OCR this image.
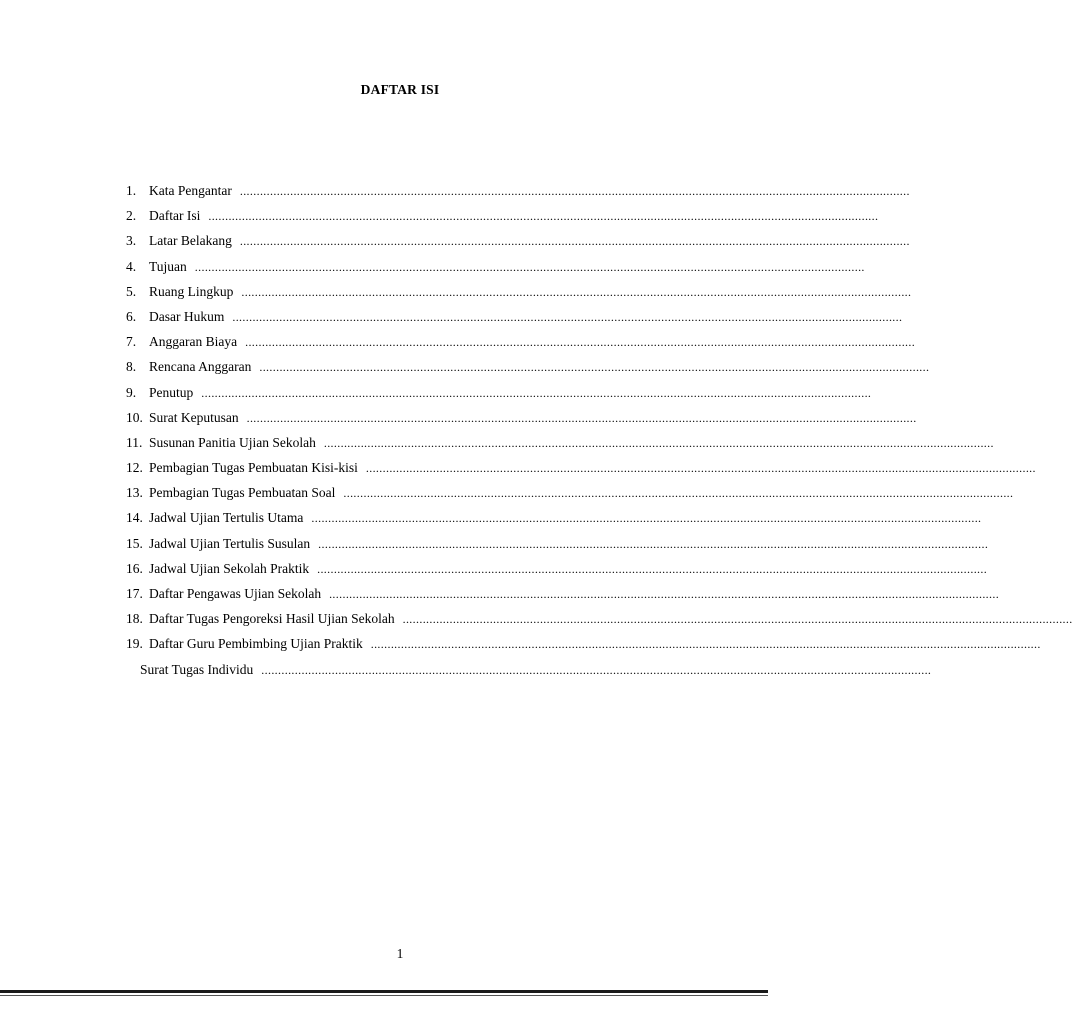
DAFTAR ISI
1. Kata Pengantar ........................................................................................................................................................................................................
2. Daftar Isi ........................................................................................................................................................................................................
3. Latar Belakang ........................................................................................................................................................................................................
4. Tujuan ........................................................................................................................................................................................................
5. Ruang Lingkup ........................................................................................................................................................................................................
6. Dasar Hukum ........................................................................................................................................................................................................
7. Anggaran Biaya ........................................................................................................................................................................................................
8. Rencana Anggaran ........................................................................................................................................................................................................
9. Penutup ........................................................................................................................................................................................................
10. Surat Keputusan ........................................................................................................................................................................................................
11. Susunan Panitia Ujian Sekolah ........................................................................................................................................................................................................
12. Pembagian Tugas Pembuatan Kisi-kisi ........................................................................................................................................................................................................
13. Pembagian Tugas Pembuatan Soal ........................................................................................................................................................................................................
14. Jadwal Ujian Tertulis Utama ........................................................................................................................................................................................................
15. Jadwal Ujian Tertulis Susulan ........................................................................................................................................................................................................
16. Jadwal Ujian Sekolah Praktik ........................................................................................................................................................................................................
17. Daftar Pengawas Ujian Sekolah ........................................................................................................................................................................................................
18. Daftar Tugas Pengoreksi Hasil Ujian Sekolah ........................................................................................................................................................................................................
19. Daftar Guru Pembimbing Ujian Praktik ........................................................................................................................................................................................................
Surat Tugas Individu ........................................................................................................................................................................................................
1
